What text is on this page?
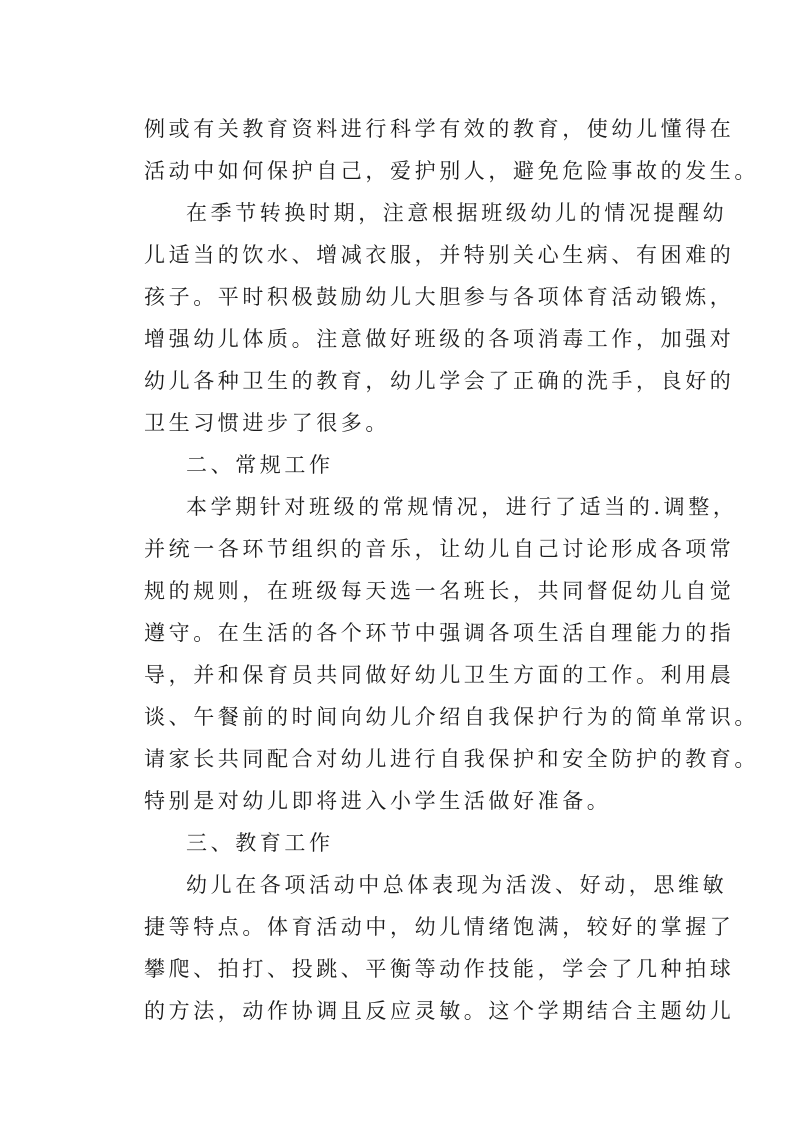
例或有关教育资料进行科学有效的教育，使幼儿懂得在
活动中如何保护自己，爱护别人，避免危险事故的发生。
在季节转换时期，注意根据班级幼儿的情况提醒幼
儿适当的饮水、增减衣服，并特别关心生病、有困难的
孩子。平时积极鼓励幼儿大胆参与各项体育活动锻炼，
增强幼儿体质。注意做好班级的各项消毒工作，加强对
幼儿各种卫生的教育，幼儿学会了正确的洗手，良好的
卫生习惯进步了很多。
二、常规工作
本学期针对班级的常规情况，进行了适当的.调整，
并统一各环节组织的音乐，让幼儿自己讨论形成各项常
规的规则，在班级每天选一名班长，共同督促幼儿自觉
遵守。在生活的各个环节中强调各项生活自理能力的指
导，并和保育员共同做好幼儿卫生方面的工作。利用晨
谈、午餐前的时间向幼儿介绍自我保护行为的简单常识。
请家长共同配合对幼儿进行自我保护和安全防护的教育。
特别是对幼儿即将进入小学生活做好准备。
三、教育工作
幼儿在各项活动中总体表现为活泼、好动，思维敏
捷等特点。体育活动中，幼儿情绪饱满，较好的掌握了
攀爬、拍打、投跳、平衡等动作技能，学会了几种拍球
的方法，动作协调且反应灵敏。这个学期结合主题幼儿
